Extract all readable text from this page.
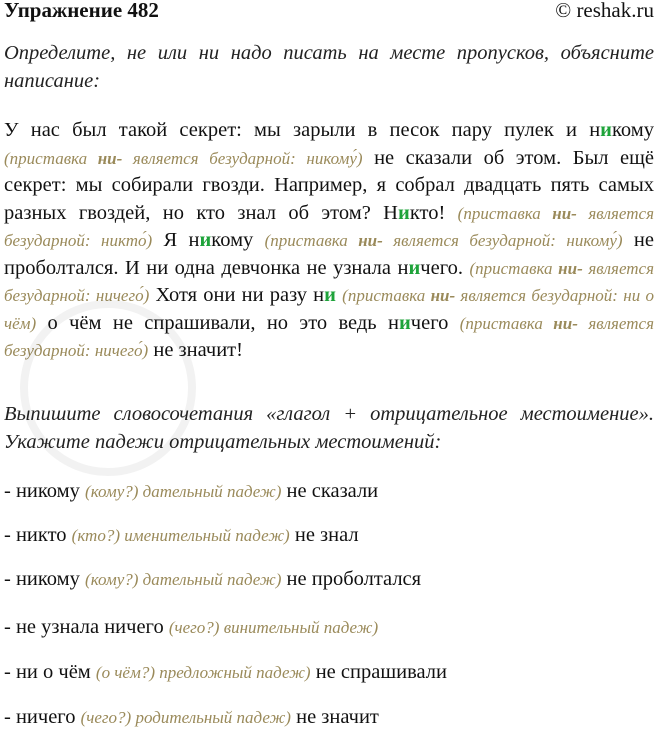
Упражнение 482	© reshak.ru

Определите, не или ни надо писать на месте пропусков, объясните написание:

У нас был такой секрет: мы зарыли в песок пару пулек и никому (приставка ни- является безударной: никому́) не сказали об этом. Был ещё секрет: мы собирали гвозди. Например, я собрал двадцать пять самых разных гвоздей, но кто знал об этом? Никто! (приставка ни- является безударной: никто́) Я никому (приставка ни- является безударной: никому́) не проболтался. И ни одна девчонка не узнала ничего. (приставка ни- является безударной: ничего́) Хотя они ни разу ни (приставка ни- является безударной: ни о чём) о чём не спрашивали, но это ведь ничего (приставка ни- является безударной: ничего́) не значит!

Выпишите словосочетания «глагол + отрицательное местоимение». Укажите падежи отрицательных местоимений:

- никому (кому?) дательный падеж) не сказали
- никто (кто?) именительный падеж) не знал
- никому (кому?) дательный падеж) не проболтался
- не узнала ничего (чего?) винительный падеж)
- ни о чём (о чём?) предложный падеж) не спрашивали
- ничего (чего?) родительный падеж) не значит
